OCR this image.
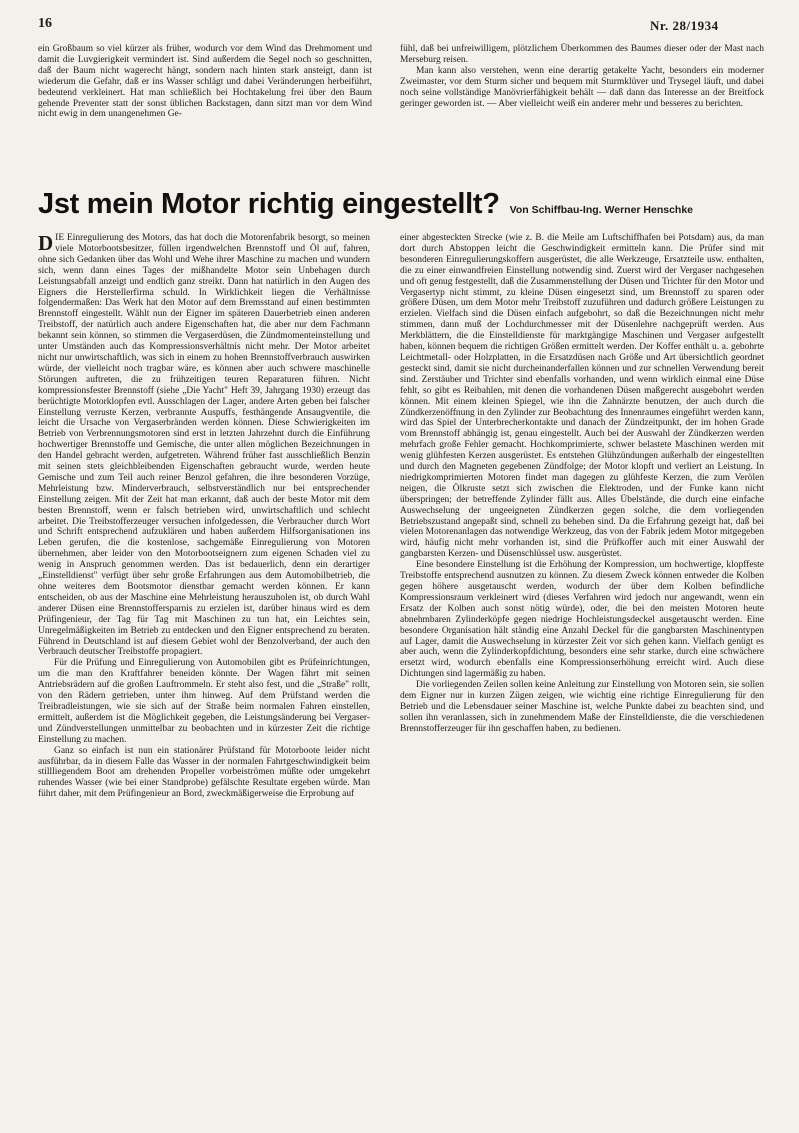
16	Nr. 28/1934

ein Großbaum so viel kürzer als früher, wodurch vor dem Wind das Drehmoment und damit die Luvgierigkeit vermindert ist. Sind außerdem die Segel noch so geschnitten, daß der Baum nicht wagerecht hängt, sondern nach hinten stark ansteigt, dann ist wiederum die Gefahr, daß er ins Wasser schlägt und dabei Veränderungen herbeiführt, bedeutend verkleinert. Hat man schließlich bei Hochtakelung frei über den Baum gehende Preventer statt der sonst üblichen Backstagen, dann sitzt man vor dem Wind nicht ewig in dem unangenehmen Ge-

fühl, daß bei unfreiwilligem, plötzlichem Überkommen des Baumes dieser oder der Mast nach Merseburg reisen.

Man kann also verstehen, wenn eine derartig getakelte Yacht, besonders ein moderner Zweimaster, vor dem Sturm sicher und bequem mit Sturmklüver und Trysegel läuft, und dabei noch seine vollständige Manövrierfähigkeit behält — daß dann das Interesse an der Breitfock geringer geworden ist. — Aber vielleicht weiß ein anderer mehr und besseres zu berichten.

Jst mein Motor richtig eingestellt? Von Schiffbau-Ing. Werner Henschke

DIE Einregulierung des Motors, das hat doch die Motorenfabrik besorgt, so meinen viele Motorbootsbesitzer, füllen irgendwelchen Brennstoff und Öl auf, fahren, ohne sich Gedanken über das Wohl und Wehe ihrer Maschine zu machen und wundern sich, wenn dann eines Tages der mißhandelte Motor sein Unbehagen durch Leistungsabfall anzeigt und endlich ganz streikt. Dann hat natürlich in den Augen des Eigners die Herstellerfirma schuld. In Wirklichkeit liegen die Verhältnisse folgendermaßen: Das Werk hat den Motor auf dem Bremsstand auf einen bestimmten Brennstoff eingestellt. Wählt nun der Eigner im späteren Dauerbetrieb einen anderen Treibstoff, der natürlich auch andere Eigenschaften hat, die aber nur dem Fachmann bekannt sein können, so stimmen die Vergaserdüsen, die Zündmomenteinstellung und unter Umständen auch das Kompressionsverhältnis nicht mehr. Der Motor arbeitet nicht nur unwirtschaftlich, was sich in einem zu hohen Brennstoffverbrauch auswirken würde, der vielleicht noch tragbar wäre, es können aber auch schwere maschinelle Störungen auftreten, die zu frühzeitigen teuren Reparaturen führen. Nicht kompressionsfester Brennstoff (siehe „Die Yacht" Heft 39, Jahrgang 1930) erzeugt das berüchtigte Motorklopfen evtl. Ausschlagen der Lager, andere Arten geben bei falscher Einstellung verruste Kerzen, verbrannte Auspuffs, festhängende Ansaugventile, die leicht die Ursache von Vergaserbränden werden können. Diese Schwierigkeiten im Betrieb von Verbrennungsmotoren sind erst in letzten Jahrzehnt durch die Einführung hochwertiger Brennstoffe und Gemische, die unter allen möglichen Bezeichnungen in den Handel gebracht werden, aufgetreten. Während früher fast ausschließlich Benzin mit seinen stets gleichbleibenden Eigenschaften gebraucht wurde, werden heute Gemische und zum Teil auch reiner Benzol gefahren, die ihre besonderen Vorzüge, Mehrleistung bzw. Minderverbrauch, selbstverständlich nur bei entsprechender Einstellung zeigen. Mit der Zeit hat man erkannt, daß auch der beste Motor mit dem besten Brennstoff, wenn er falsch betrieben wird, unwirtschaftlich und schlecht arbeitet. Die Treibstofferzeuger versuchen infolgedessen, die Verbraucher durch Wort und Schrift entsprechend aufzuklären und haben außerdem Hilfsorganisationen ins Leben gerufen, die die kostenlose, sachgemäße Einregulierung von Motoren übernehmen, aber leider von den Motorbootseignern zum eigenen Schaden viel zu wenig in Anspruch genommen werden. Das ist bedauerlich, denn ein derartiger „Einstelldienst" verfügt über sehr große Erfahrungen aus dem Automobilbetrieb, die ohne weiteres dem Bootsmotor dienstbar gemacht werden können. Er kann entscheiden, ob aus der Maschine eine Mehrleistung herauszuholen ist, ob durch Wahl anderer Düsen eine Brennstoffersparnis zu erzielen ist, darüber hinaus wird es dem Prüfingenieur, der Tag für Tag mit Maschinen zu tun hat, ein Leichtes sein, Unregelmäßigkeiten im Betrieb zu entdecken und den Eigner entsprechend zu beraten. Führend in Deutschland ist auf diesem Gebiet wohl der Benzolverband, der auch den Verbrauch deutscher Treibstoffe propagiert.

Für die Prüfung und Einregulierung von Automobilen gibt es Prüfeinrichtungen, um die man den Kraftfahrer beneiden könnte. Der Wagen fährt mit seinen Antriebsrädern auf die großen Lauftrommeln. Er steht also fest, und die „Straße" rollt, von den Rädern getrieben, unter ihm hinweg. Auf dem Prüfstand werden die Treibradleistungen, wie sie sich auf der Straße beim normalen Fahren einstellen, ermittelt, außerdem ist die Möglichkeit gegeben, die Leistungsänderung bei Vergaser- und Zündverstellungen unmittelbar zu beobachten und in kürzester Zeit die richtige Einstellung zu machen.

Ganz so einfach ist nun ein stationärer Prüfstand für Motorboote leider nicht ausführbar, da in diesem Falle das Wasser in der normalen Fahrtgeschwindigkeit beim stillliegendem Boot am drehenden Propeller vorbeiströmen müßte oder umgekehrt ruhendes Wasser (wie bei einer Standprobe) gefälschte Resultate ergeben würde. Man führt daher, mit dem Prüfingenieur an Bord, zweckmäßigerweise die Erprobung auf

einer abgesteckten Strecke (wie z. B. die Meile am Luftschiffhafen bei Potsdam) aus, da man dort durch Abstoppen leicht die Geschwindigkeit ermitteln kann. Die Prüfer sind mit besonderen Einregulierungskoffern ausgerüstet, die alle Werkzeuge, Ersatzteile usw. enthalten, die zu einer einwandfreien Einstellung notwendig sind. Zuerst wird der Vergaser nachgesehen und oft genug festgestellt, daß die Zusammenstellung der Düsen und Trichter für den Motor und Vergasertyp nicht stimmt, zu kleine Düsen eingesetzt sind, um Brennstoff zu sparen oder größere Düsen, um dem Motor mehr Treibstoff zuzuführen und dadurch größere Leistungen zu erzielen. Vielfach sind die Düsen einfach aufgebohrt, so daß die Bezeichnungen nicht mehr stimmen, dann muß der Lochdurchmesser mit der Düsenlehre nachgeprüft werden. Aus Merkblättern, die die Einstelldienste für marktgängige Maschinen und Vergaser aufgestellt haben, können bequem die richtigen Größen ermittelt werden. Der Koffer enthält u. a. gebohrte Leichtmetall- oder Holzplatten, in die Ersatzdüsen nach Größe und Art übersichtlich geordnet gesteckt sind, damit sie nicht durcheinanderfallen können und zur schnellen Verwendung bereit sind. Zerstäuber und Trichter sind ebenfalls vorhanden, und wenn wirklich einmal eine Düse fehlt, so gibt es Reibahlen, mit denen die vorhandenen Düsen maßgerecht ausgebohrt werden können. Mit einem kleinen Spiegel, wie ihn die Zahnärzte benutzen, der auch durch die Zündkerzenöffnung in den Zylinder zur Beobachtung des Innenraumes eingeführt werden kann, wird das Spiel der Unterbrecherkontakte und danach der Zündzeitpunkt, der im hohen Grade vom Brennstoff abhängig ist, genau eingestellt. Auch bei der Auswahl der Zündkerzen werden mehrfach große Fehler gemacht. Hochkomprimierte, schwer belastete Maschinen werden mit wenig glühfesten Kerzen ausgerüstet. Es entstehen Glühzündungen außerhalb der eingestellten und durch den Magneten gegebenen Zündfolge; der Motor klopft und verliert an Leistung. In niedrigkomprimierten Motoren findet man dagegen zu glühfeste Kerzen, die zum Verölen neigen, die Ölkruste setzt sich zwischen die Elektroden, und der Funke kann nicht überspringen; der betreffende Zylinder fällt aus. Alles Übelstände, die durch eine einfache Auswechselung der ungeeigneten Zündkerzen gegen solche, die dem vorliegenden Betriebszustand angepaßt sind, schnell zu beheben sind. Da die Erfahrung gezeigt hat, daß bei vielen Motorenanlagen das notwendige Werkzeug, das von der Fabrik jedem Motor mitgegeben wird, häufig nicht mehr vorhanden ist, sind die Prüfkoffer auch mit einer Auswahl der gangbarsten Kerzen- und Düsenschlüssel usw. ausgerüstet.

Eine besondere Einstellung ist die Erhöhung der Kompression, um hochwertige, klopffeste Treibstoffe entsprechend ausnutzen zu können. Zu diesem Zweck können entweder die Kolben gegen höhere ausgetauscht werden, wodurch der über dem Kolben befindliche Kompressionsraum verkleinert wird (dieses Verfahren wird jedoch nur angewandt, wenn ein Ersatz der Kolben auch sonst nötig würde), oder, die bei den meisten Motoren heute abnehmbaren Zylinderköpfe gegen niedrige Hochleistungsdeckel ausgetauscht werden. Eine besondere Organisation hält ständig eine Anzahl Deckel für die gangbarsten Maschinentypen auf Lager, damit die Auswechselung in kürzester Zeit vor sich gehen kann. Vielfach genügt es aber auch, wenn die Zylinderkopfdichtung, besonders eine sehr starke, durch eine schwächere ersetzt wird, wodurch ebenfalls eine Kompressionserhöhung erreicht wird. Auch diese Dichtungen sind lagermäßig zu haben.

Die vorliegenden Zeilen sollen keine Anleitung zur Einstellung von Motoren sein, sie sollen dem Eigner nur in kurzen Zügen zeigen, wie wichtig eine richtige Einregulierung für den Betrieb und die Lebensdauer seiner Maschine ist, welche Punkte dabei zu beachten sind, und sollen ihn veranlassen, sich in zunehmendem Maße der Einstelldienste, die die verschiedenen Brennstofferzeuger für ihn geschaffen haben, zu bedienen.
